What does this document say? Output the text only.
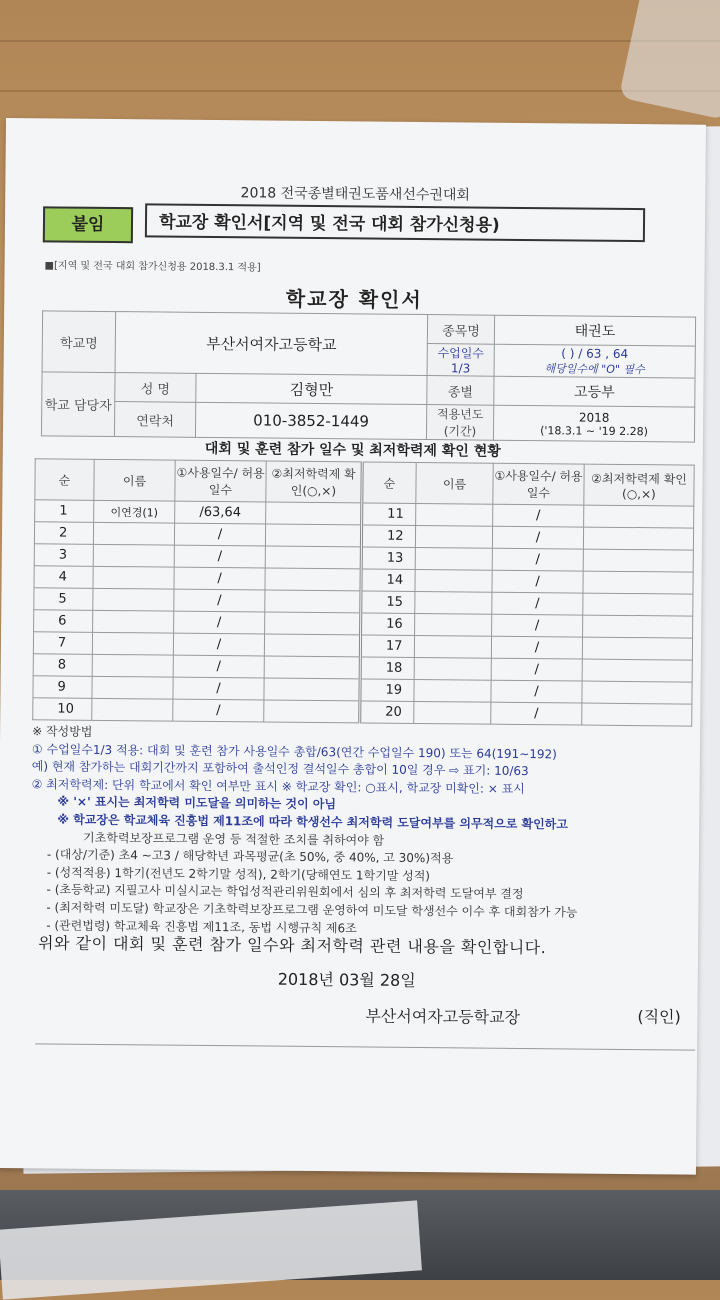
2018 전국종별태권도품새선수권대회
붙임	학교장 확인서[지역 및 전국 대회 참가신청용)
■[지역 및 전국 대회 참가신청용 2018.3.1 적용]
학교장 확인서
학교명	부산서여자고등학교		종목명	태권도
			수업일수 1/3	( ) / 63 , 64
해당일수에 "O" 필수

학교 담당자	성 명	김형만	종별	고등부
	연락처	010-3852-1449	적용년도 (기간)	2018
('18.3.1 ~ '19 2.28)
대회 및 훈련 참가 일수 및 최저학력제 확인 현황
순	이름	①사용일수/ 허용일수	②최저학력제 확인(○,×)	순	이름	①사용일수/ 허용일수	②최저학력제 확인(○,×)
1	이연경(1)	/63,64		11		/	
2		/		12		/	
3		/		13		/	
4		/		14		/	
5		/		15		/	
6		/		16		/	
7		/		17		/	
8		/		18		/	
9		/		19		/	
10		/		20		/	
※ 작성방법
① 수업일수1/3 적용: 대회 및 훈련 참가 사용일수 총합/63(연간 수업일수 190) 또는 64(191~192)
예) 현재 참가하는 대회기간까지 포함하여 출석인정 결석일수 총합이 10일 경우 ⇨ 표기: 10/63
② 최저학력제: 단위 학교에서 확인 여부만 표시 ※ 학교장 확인: ○표시, 학교장 미확인: × 표시
※ '×' 표시는 최저학력 미도달을 의미하는 것이 아님
※ 학교장은 학교체육 진흥법 제11조에 따라 학생선수 최저학력 도달여부를 의무적으로 확인하고
기초학력보장프로그램 운영 등 적절한 조치를 취하여야 함
- (대상/기준) 초4 ~고3 / 해당학년 과목평균(초 50%, 중 40%, 고 30%)적용
- (성적적용) 1학기(전년도 2학기말 성적), 2학기(당해연도 1학기말 성적)
- (초등학교) 지필고사 미실시교는 학업성적관리위원회에서 심의 후 최저학력 도달여부 결정
- (최저학력 미도달) 학교장은 기초학력보장프로그램 운영하여 미도달 학생선수 이수 후 대회참가 가능
- (관련법령) 학교체육 진흥법 제11조, 동법 시행규칙 제6조
위와 같이 대회 및 훈련 참가 일수와 최저학력 관련 내용을 확인합니다.
2018년 03월 28일
부산서여자고등학교장	(직인)
